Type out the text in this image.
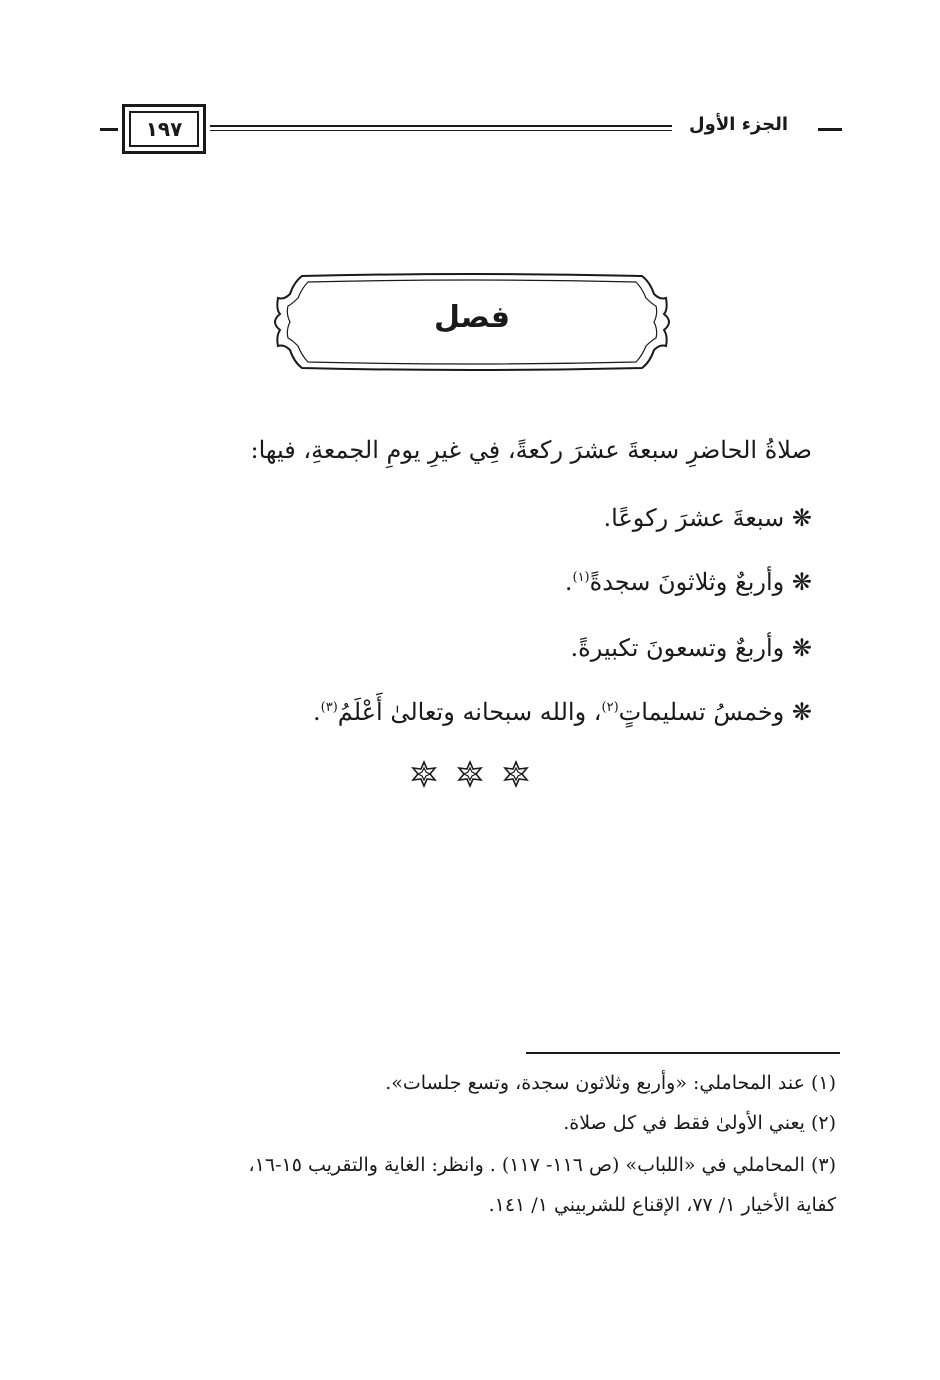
١٩٧	الجزء الأول
فصل
صلاةُ الحاضرِ سبعةَ عشرَ ركعةً، فِي غيرِ يومِ الجمعةِ، فيها:
❋ سبعةَ عشرَ ركوعًا.
❋ وأربعٌ وثلاثونَ سجدةً$^{(١)}$.
❋ وأربعٌ وتسعونَ تكبيرةً.
❋ وخمسُ تسليماتٍ$^{(٢)}$، والله سبحانه وتعالىٰ أَعْلَمُ$^{(٣)}$.
(١) عند المحاملي: «وأربع وثلاثون سجدة، وتسع جلسات».
(٢) يعني الأولىٰ فقط في كل صلاة.
(٣) المحاملي في «اللباب» (ص ١١٦- ١١٧) . وانظر: الغاية والتقريب ١٥-١٦،
كفاية الأخيار ١/ ٧٧، الإقناع للشربيني ١/ ١٤١.
